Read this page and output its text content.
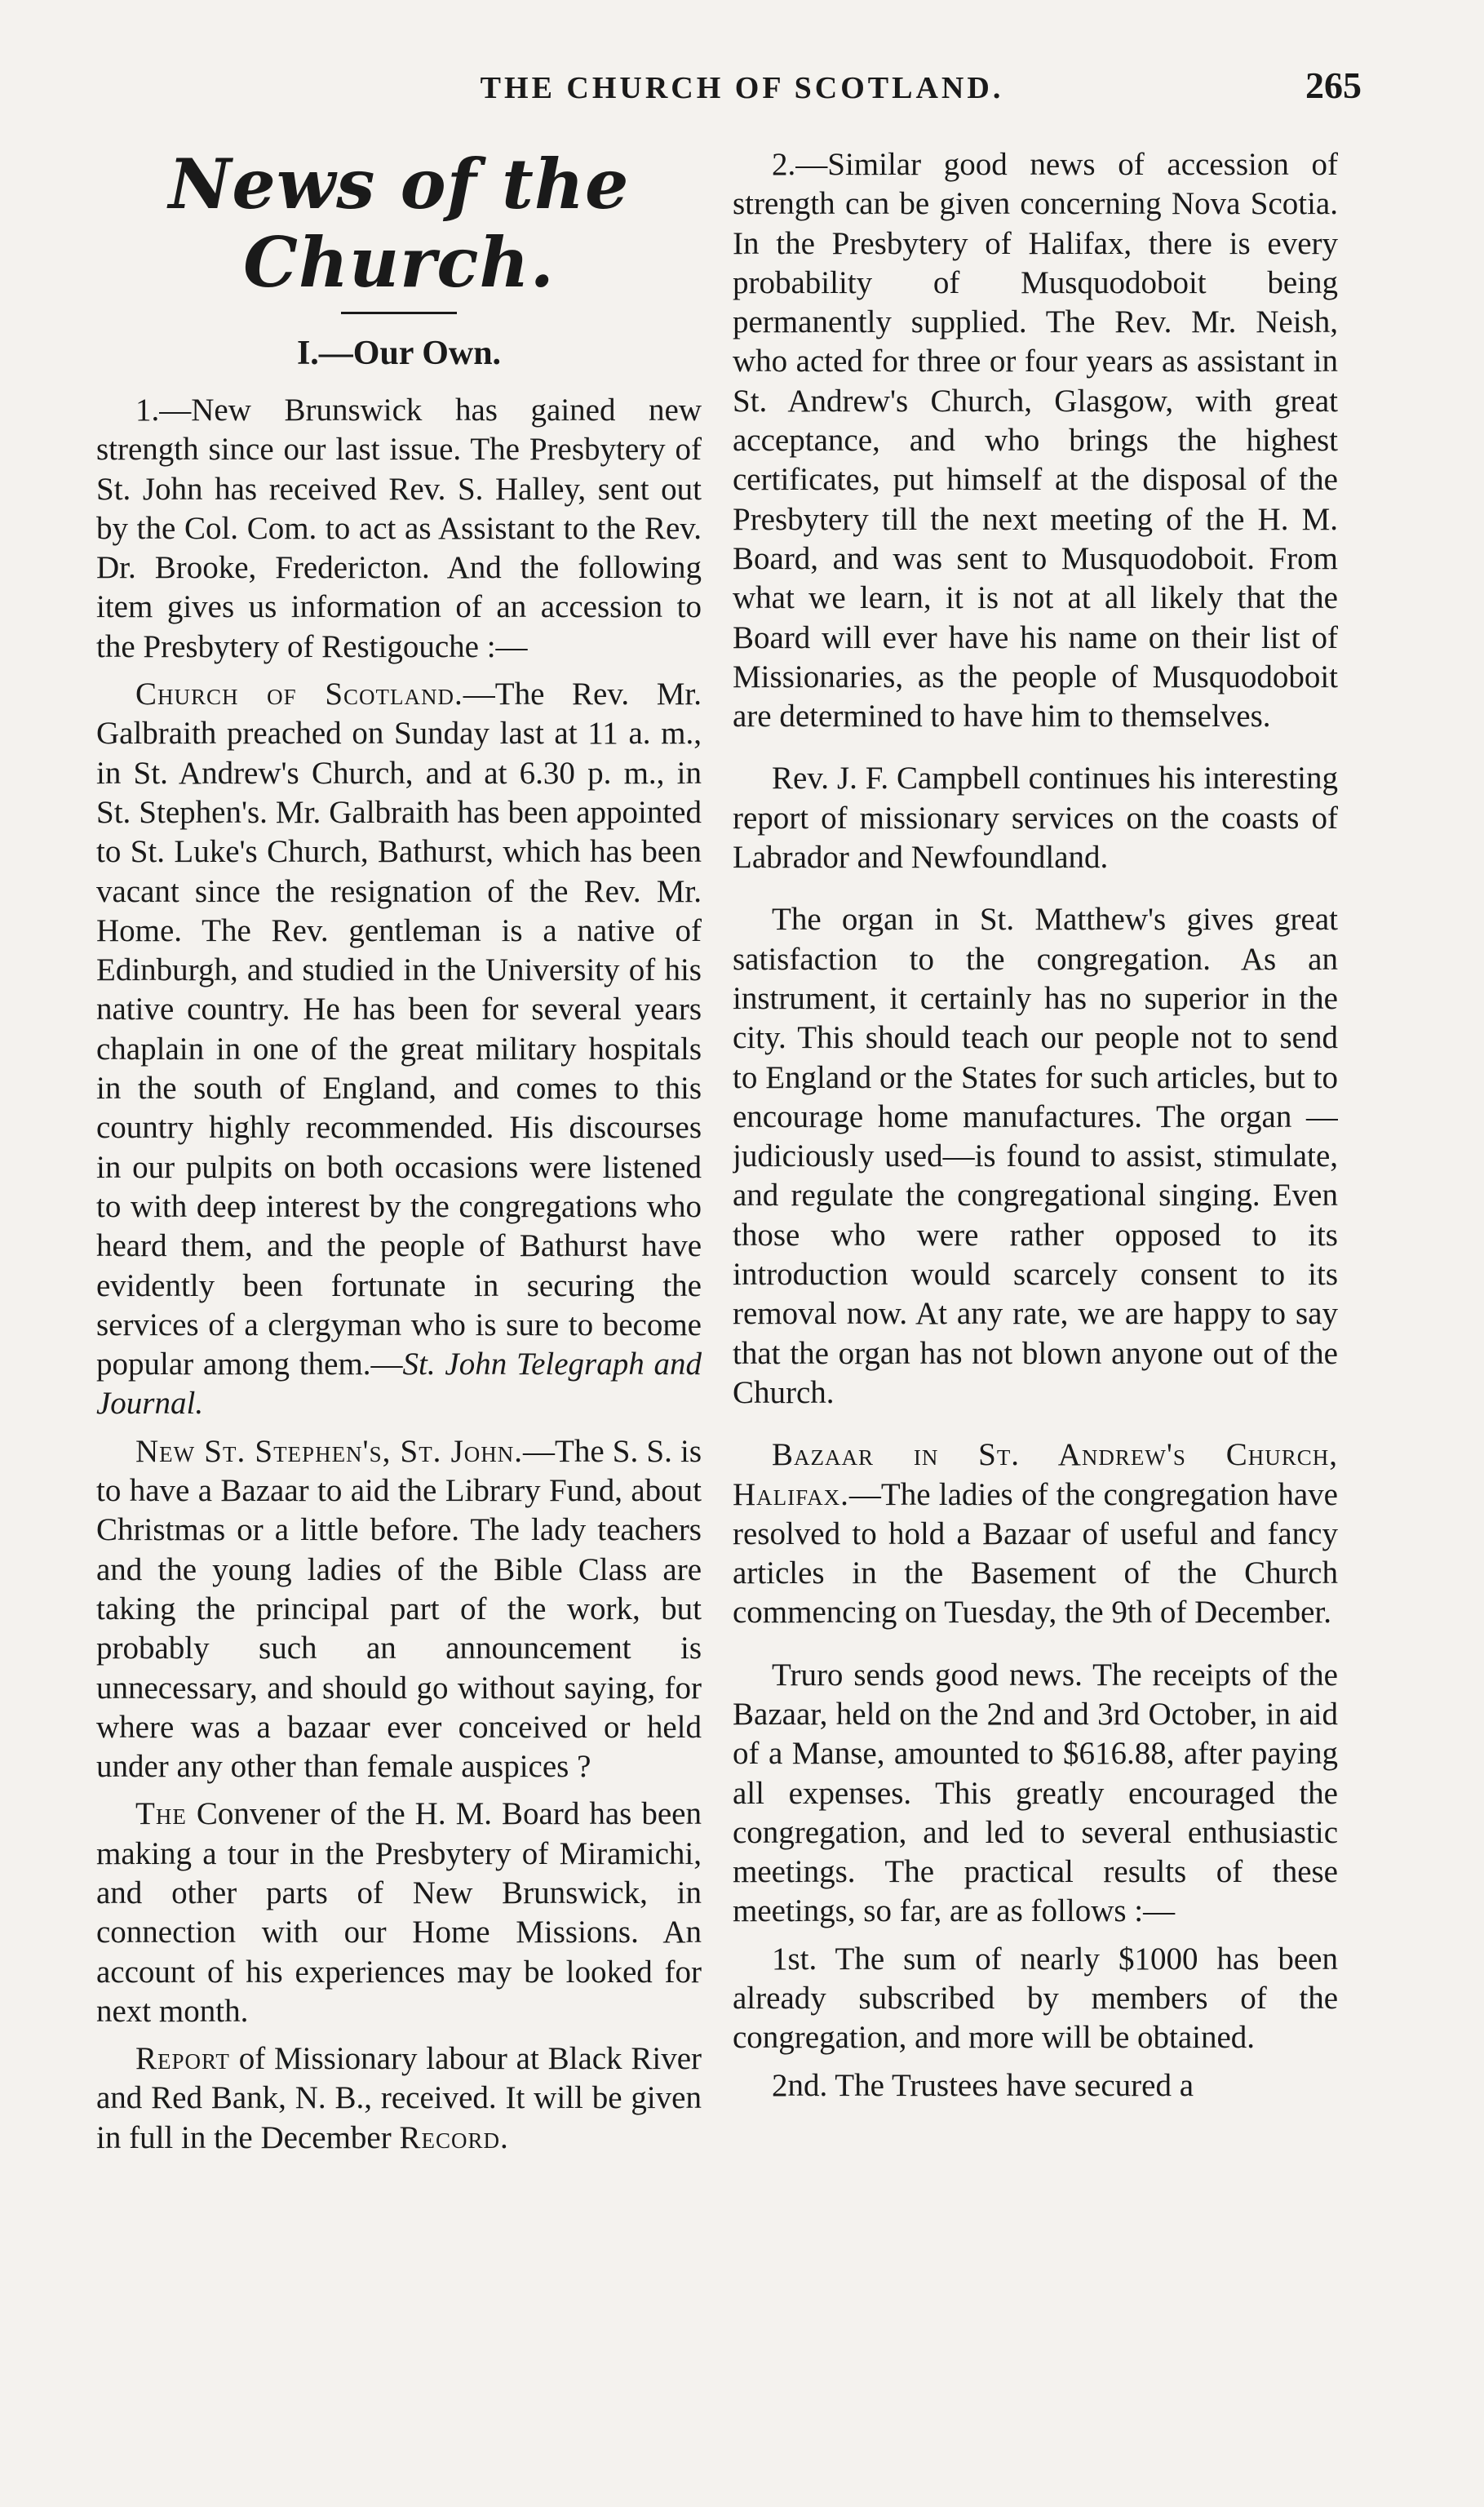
THE CHURCH OF SCOTLAND.	265
News of the Church.
I.—Our Own.

1.—New Brunswick has gained new strength since our last issue. The Presbytery of St. John has received Rev. S. Halley, sent out by the Col. Com. to act as Assistant to the Rev. Dr. Brooke, Fredericton. And the following item gives us information of an accession to the Presbytery of Restigouche :—

Church of Scotland.—The Rev. Mr. Galbraith preached on Sunday last at 11 a. m., in St. Andrew's Church, and at 6.30 p. m., in St. Stephen's. Mr. Galbraith has been appointed to St. Luke's Church, Bathurst, which has been vacant since the resignation of the Rev. Mr. Home. The Rev. gentleman is a native of Edinburgh, and studied in the University of his native country. He has been for several years chaplain in one of the great military hospitals in the south of England, and comes to this country highly recommended. His discourses in our pulpits on both occasions were listened to with deep interest by the congregations who heard them, and the people of Bathurst have evidently been fortunate in securing the services of a clergyman who is sure to become popular among them.—St. John Telegraph and Journal.

New St. Stephen's, St. John.—The S. S. is to have a Bazaar to aid the Library Fund, about Christmas or a little before. The lady teachers and the young ladies of the Bible Class are taking the principal part of the work, but probably such an announcement is unnecessary, and should go without saying, for where was a bazaar ever conceived or held under any other than female auspices ?

The Convener of the H. M. Board has been making a tour in the Presbytery of Miramichi, and other parts of New Brunswick, in connection with our Home Missions. An account of his experiences may be looked for next month.

Report of Missionary labour at Black River and Red Bank, N. B., received. It will be given in full in the December Record.

2.—Similar good news of accession of strength can be given concerning Nova Scotia. In the Presbytery of Halifax, there is every probability of Musquodoboit being permanently supplied. The Rev. Mr. Neish, who acted for three or four years as assistant in St. Andrew's Church, Glasgow, with great acceptance, and who brings the highest certificates, put himself at the disposal of the Presbytery till the next meeting of the H. M. Board, and was sent to Musquodoboit. From what we learn, it is not at all likely that the Board will ever have his name on their list of Missionaries, as the people of Musquodoboit are determined to have him to themselves.

Rev. J. F. Campbell continues his interesting report of missionary services on the coasts of Labrador and Newfoundland.

The organ in St. Matthew's gives great satisfaction to the congregation. As an instrument, it certainly has no superior in the city. This should teach our people not to send to England or the States for such articles, but to encourage home manufactures. The organ —judiciously used—is found to assist, stimulate, and regulate the congregational singing. Even those who were rather opposed to its introduction would scarcely consent to its removal now. At any rate, we are happy to say that the organ has not blown anyone out of the Church.

Bazaar in St. Andrew's Church, Halifax.—The ladies of the congregation have resolved to hold a Bazaar of useful and fancy articles in the Basement of the Church commencing on Tuesday, the 9th of December.

Truro sends good news. The receipts of the Bazaar, held on the 2nd and 3rd October, in aid of a Manse, amounted to $616.88, after paying all expenses. This greatly encouraged the congregation, and led to several enthusiastic meetings. The practical results of these meetings, so far, are as follows :—

1st. The sum of nearly $1000 has been already subscribed by members of the congregation, and more will be obtained.

2nd. The Trustees have secured a
